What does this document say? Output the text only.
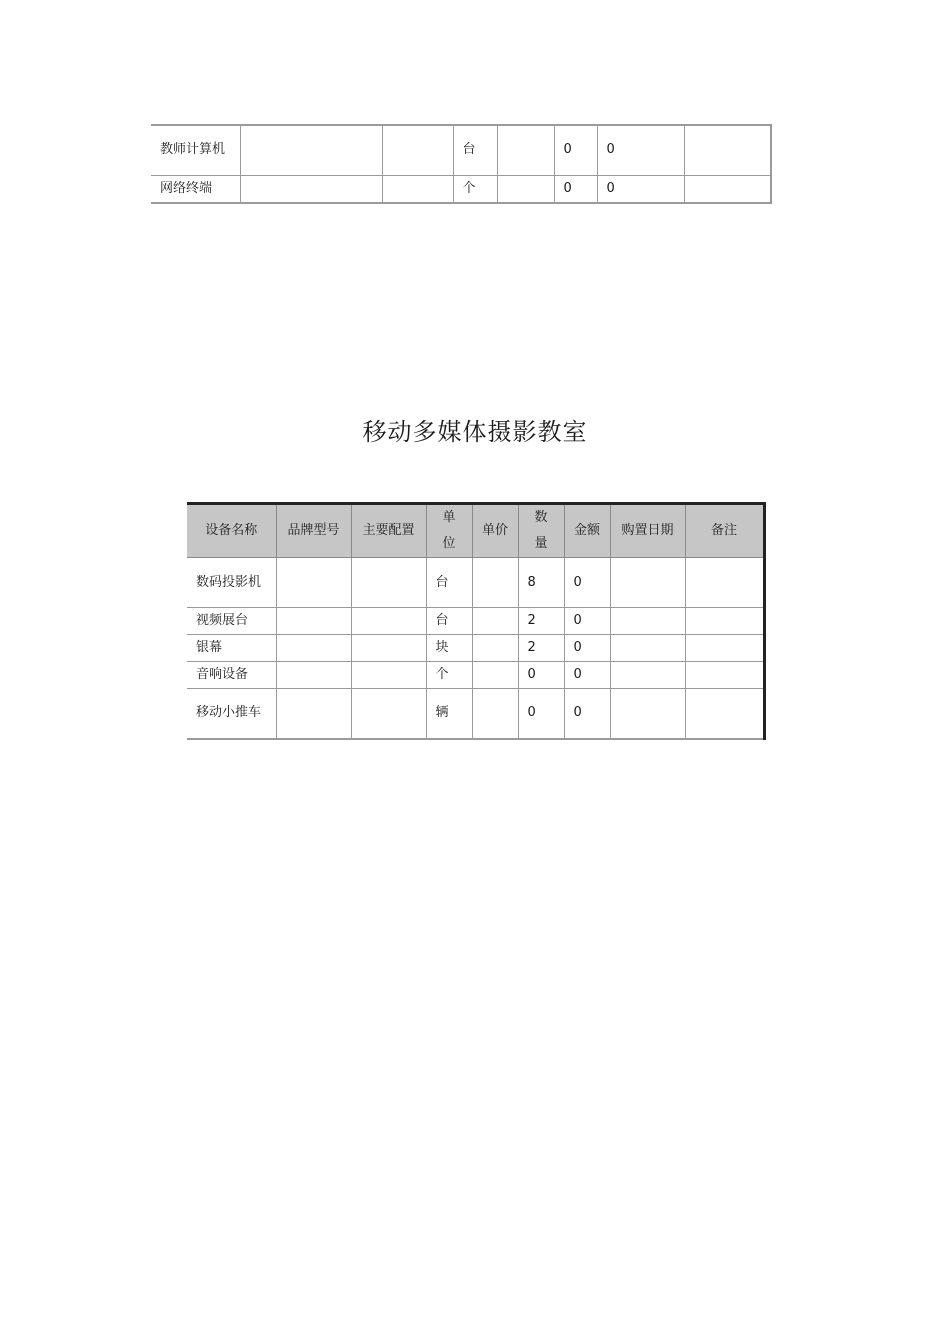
教师计算机			台		0	0	
网络终端			个		0	0	
移动多媒体摄影教室
设备名称	品牌型号	主要配置	单位	单价	数量	金额	购置日期	备注
数码投影机			台		8	0		
视频展台			台		2	0		
银幕			块		2	0		
音响设备			个		0	0		
移动小推车			辆		0	0		
